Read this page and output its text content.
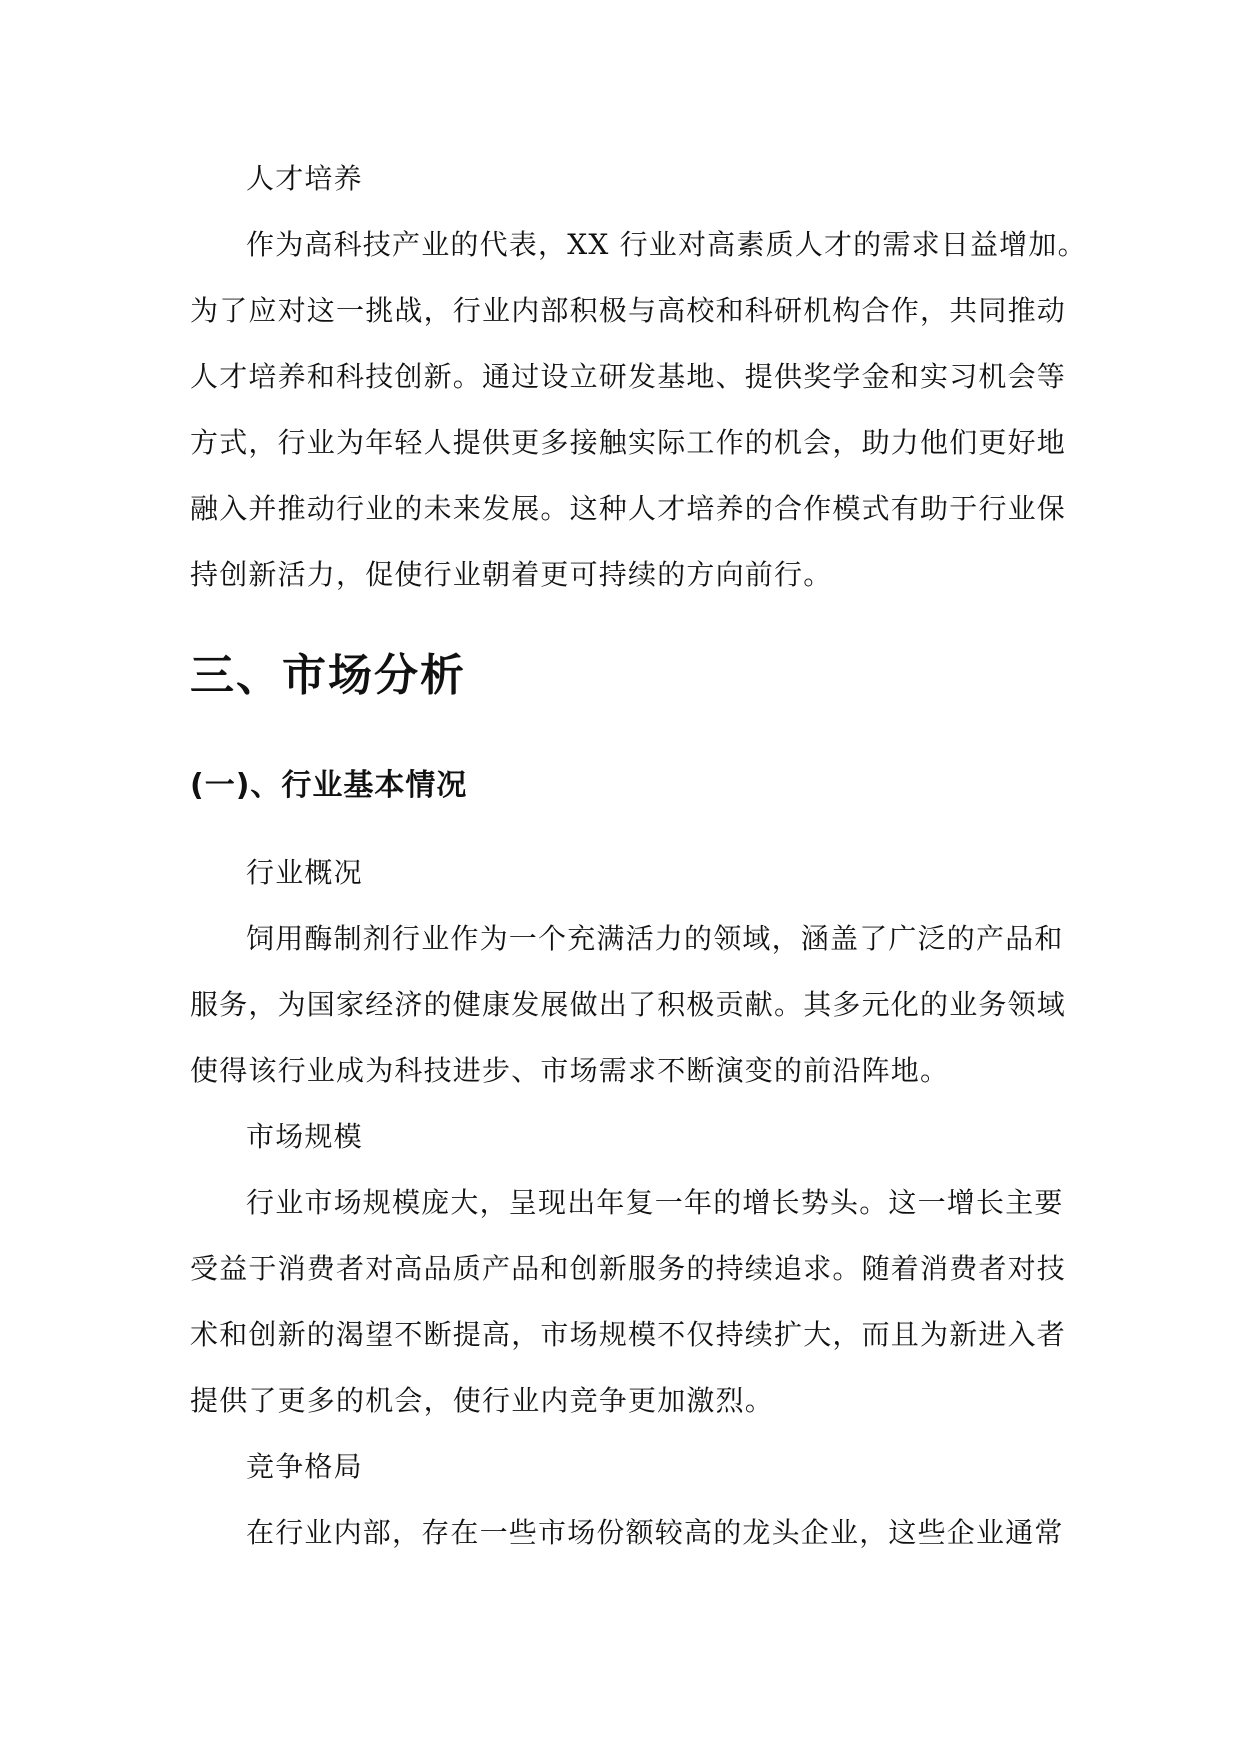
人才培养
作为高科技产业的代表，XX 行业对高素质人才的需求日益增加。
为了应对这一挑战，行业内部积极与高校和科研机构合作，共同推动
人才培养和科技创新。通过设立研发基地、提供奖学金和实习机会等
方式，行业为年轻人提供更多接触实际工作的机会，助力他们更好地
融入并推动行业的未来发展。这种人才培养的合作模式有助于行业保
持创新活力，促使行业朝着更可持续的方向前行。
三、市场分析
(一)、行业基本情况
行业概况
饲用酶制剂行业作为一个充满活力的领域，涵盖了广泛的产品和
服务，为国家经济的健康发展做出了积极贡献。其多元化的业务领域
使得该行业成为科技进步、市场需求不断演变的前沿阵地。
市场规模
行业市场规模庞大，呈现出年复一年的增长势头。这一增长主要
受益于消费者对高品质产品和创新服务的持续追求。随着消费者对技
术和创新的渴望不断提高，市场规模不仅持续扩大，而且为新进入者
提供了更多的机会，使行业内竞争更加激烈。
竞争格局
在行业内部，存在一些市场份额较高的龙头企业，这些企业通常
